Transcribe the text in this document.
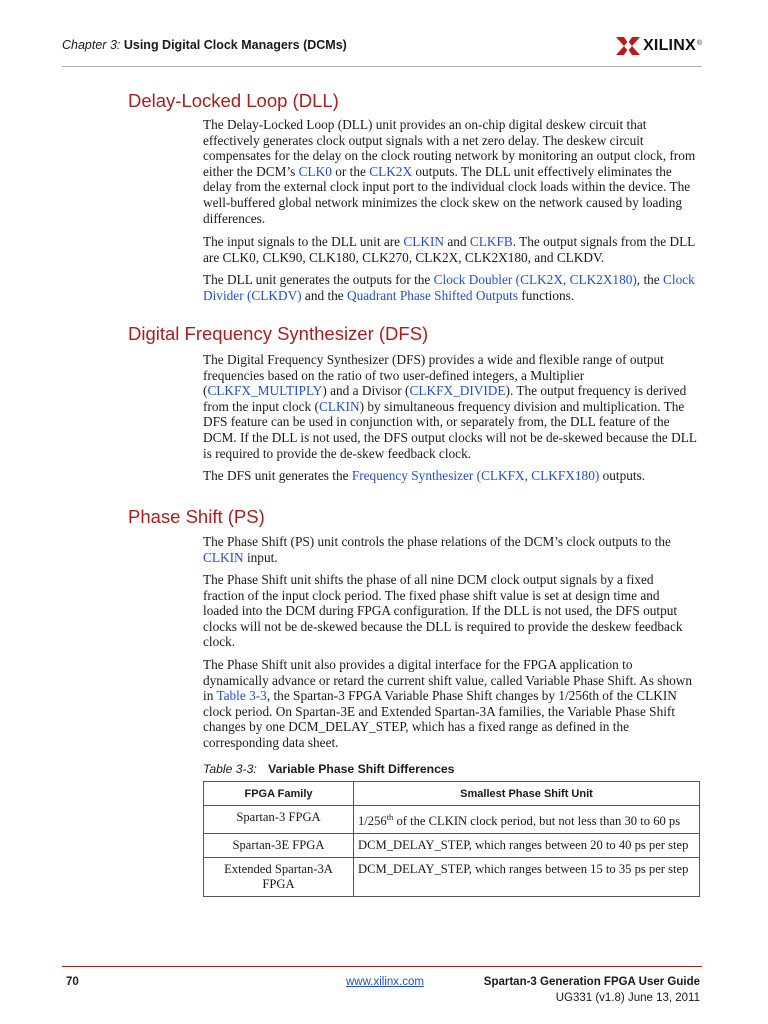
Chapter 3: Using Digital Clock Managers (DCMs)	XILINX ®
Delay-Locked Loop (DLL)

The Delay-Locked Loop (DLL) unit provides an on-chip digital deskew circuit that effectively generates clock output signals with a net zero delay. The deskew circuit compensates for the delay on the clock routing network by monitoring an output clock, from either the DCM’s CLK0 or the CLK2X outputs. The DLL unit effectively eliminates the delay from the external clock input port to the individual clock loads within the device. The well-buffered global network minimizes the clock skew on the network caused by loading differences.

The input signals to the DLL unit are CLKIN and CLKFB. The output signals from the DLL are CLK0, CLK90, CLK180, CLK270, CLK2X, CLK2X180, and CLKDV.

The DLL unit generates the outputs for the Clock Doubler (CLK2X, CLK2X180), the Clock Divider (CLKDV) and the Quadrant Phase Shifted Outputs functions.

Digital Frequency Synthesizer (DFS)

The Digital Frequency Synthesizer (DFS) provides a wide and flexible range of output frequencies based on the ratio of two user-defined integers, a Multiplier (CLKFX_MULTIPLY) and a Divisor (CLKFX_DIVIDE). The output frequency is derived from the input clock (CLKIN) by simultaneous frequency division and multiplication. The DFS feature can be used in conjunction with, or separately from, the DLL feature of the DCM. If the DLL is not used, the DFS output clocks will not be de-skewed because the DLL is required to provide the de-skew feedback clock.

The DFS unit generates the Frequency Synthesizer (CLKFX, CLKFX180) outputs.

Phase Shift (PS)

The Phase Shift (PS) unit controls the phase relations of the DCM’s clock outputs to the CLKIN input.

The Phase Shift unit shifts the phase of all nine DCM clock output signals by a fixed fraction of the input clock period. The fixed phase shift value is set at design time and loaded into the DCM during FPGA configuration. If the DLL is not used, the DFS output clocks will not be de-skewed because the DLL is required to provide the deskew feedback clock.

The Phase Shift unit also provides a digital interface for the FPGA application to dynamically advance or retard the current shift value, called Variable Phase Shift. As shown in Table 3-3, the Spartan-3 FPGA Variable Phase Shift changes by 1/256th of the CLKIN clock period. On Spartan-3E and Extended Spartan-3A families, the Variable Phase Shift changes by one DCM_DELAY_STEP, which has a fixed range as defined in the corresponding data sheet.

Table 3-3: Variable Phase Shift Differences
FPGA Family	Smallest Phase Shift Unit
Spartan-3 FPGA	1/256th of the CLKIN clock period, but not less than 30 to 60 ps
Spartan-3E FPGA	DCM_DELAY_STEP, which ranges between 20 to 40 ps per step
Extended Spartan-3A FPGA	DCM_DELAY_STEP, which ranges between 15 to 35 ps per step
70	www.xilinx.com	Spartan-3 Generation FPGA User Guide
UG331 (v1.8) June 13, 2011
